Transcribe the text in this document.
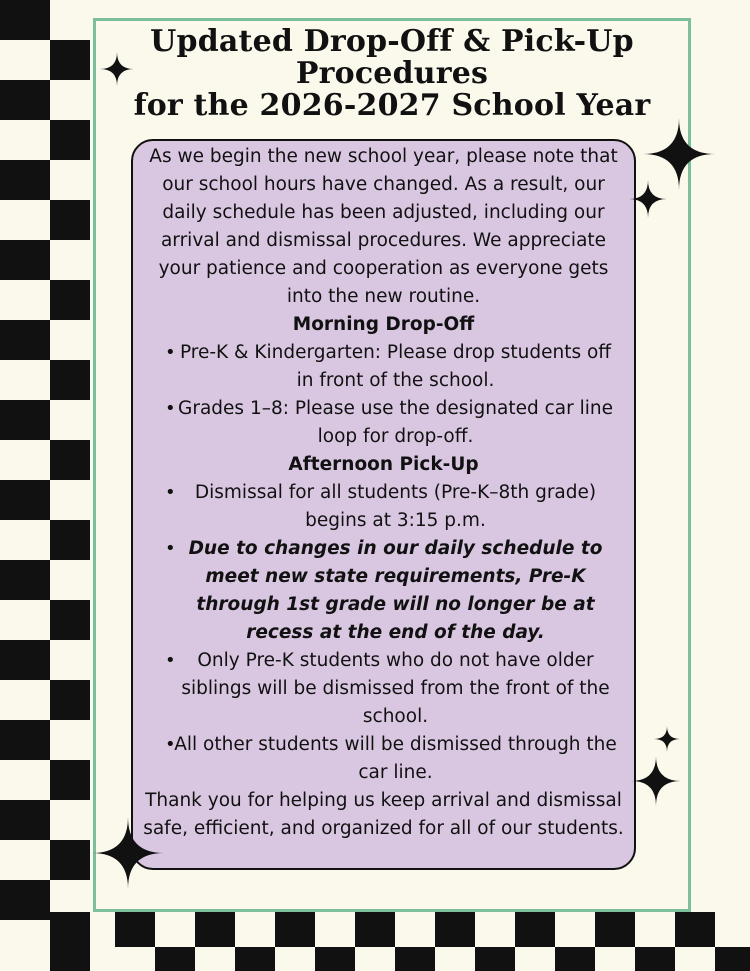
Updated Drop-Off & Pick-Up
Procedures
for the 2026-2027 School Year

As we begin the new school year, please note that our school hours have changed. As a result, our daily schedule has been adjusted, including our arrival and dismissal procedures. We appreciate your patience and cooperation as everyone gets into the new routine.

Morning Drop-Off

• Pre-K & Kindergarten: Please drop students off in front of the school.
• Grades 1–8: Please use the designated car line loop for drop-off.

Afternoon Pick-Up

• Dismissal for all students (Pre-K–8th grade) begins at 3:15 p.m.
• Due to changes in our daily schedule to meet new state requirements, Pre-K through 1st grade will no longer be at recess at the end of the day.
• Only Pre-K students who do not have older siblings will be dismissed from the front of the school.
•
All other students will be dismissed through the car line.

Thank you for helping us keep arrival and dismissal safe, efficient, and organized for all of our students.
